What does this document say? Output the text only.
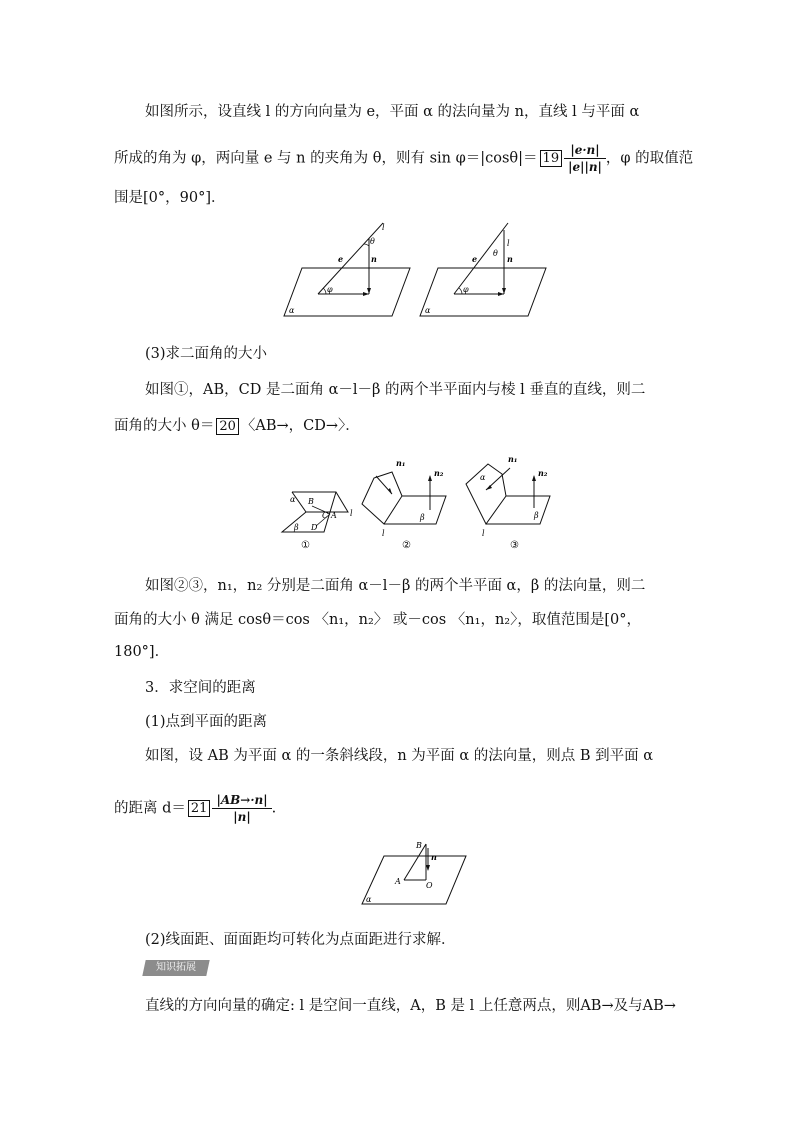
如图所示，设直线 l 的方向向量为 e，平面 α 的法向量为 n，直线 l 与平面 α
所成的角为 φ，两向量 e 与 n 的夹角为 θ，则有 $\sin \varphi=|\cos\theta|= 19 \frac{|e\cdot n|}{|e||n|}$ ，φ 的取值范
围是[0°，90°]．
l
θ
e	n
φ
α
l
θ
e	n
φ
α
(3)求二面角的大小
如图①，AB，CD 是二面角 α－l－β 的两个半平面内与棱 l 垂直的直线，则二
面角的大小 θ＝ 20 〈AB→，CD→〉．
α B
C A
D
β
l
①
n₁
n₂
β
l
②
n₁
n₂
α
β
l
③
如图②③，n₁，n₂ 分别是二面角 α－l－β 的两个半平面 α，β 的法向量，则二
面角的大小 θ 满足 cosθ＝cos 〈n₁，n₂〉 或－cos 〈n₁，n₂〉，取值范围是[0°，
180°]．
3．求空间的距离
(1)点到平面的距离
如图，设 AB 为平面 α 的一条斜线段，n 为平面 α 的法向量，则点 B 到平面 α
的距离 $d= 21 \frac{|AB\to\cdot n|}{|n|}$ .
B
n
A	O
α
(2)线面距、面面距均可转化为点面距进行求解．
知识拓展
直线的方向向量的确定: l 是空间一直线，A，B 是 l 上任意两点，则AB→及与AB→
